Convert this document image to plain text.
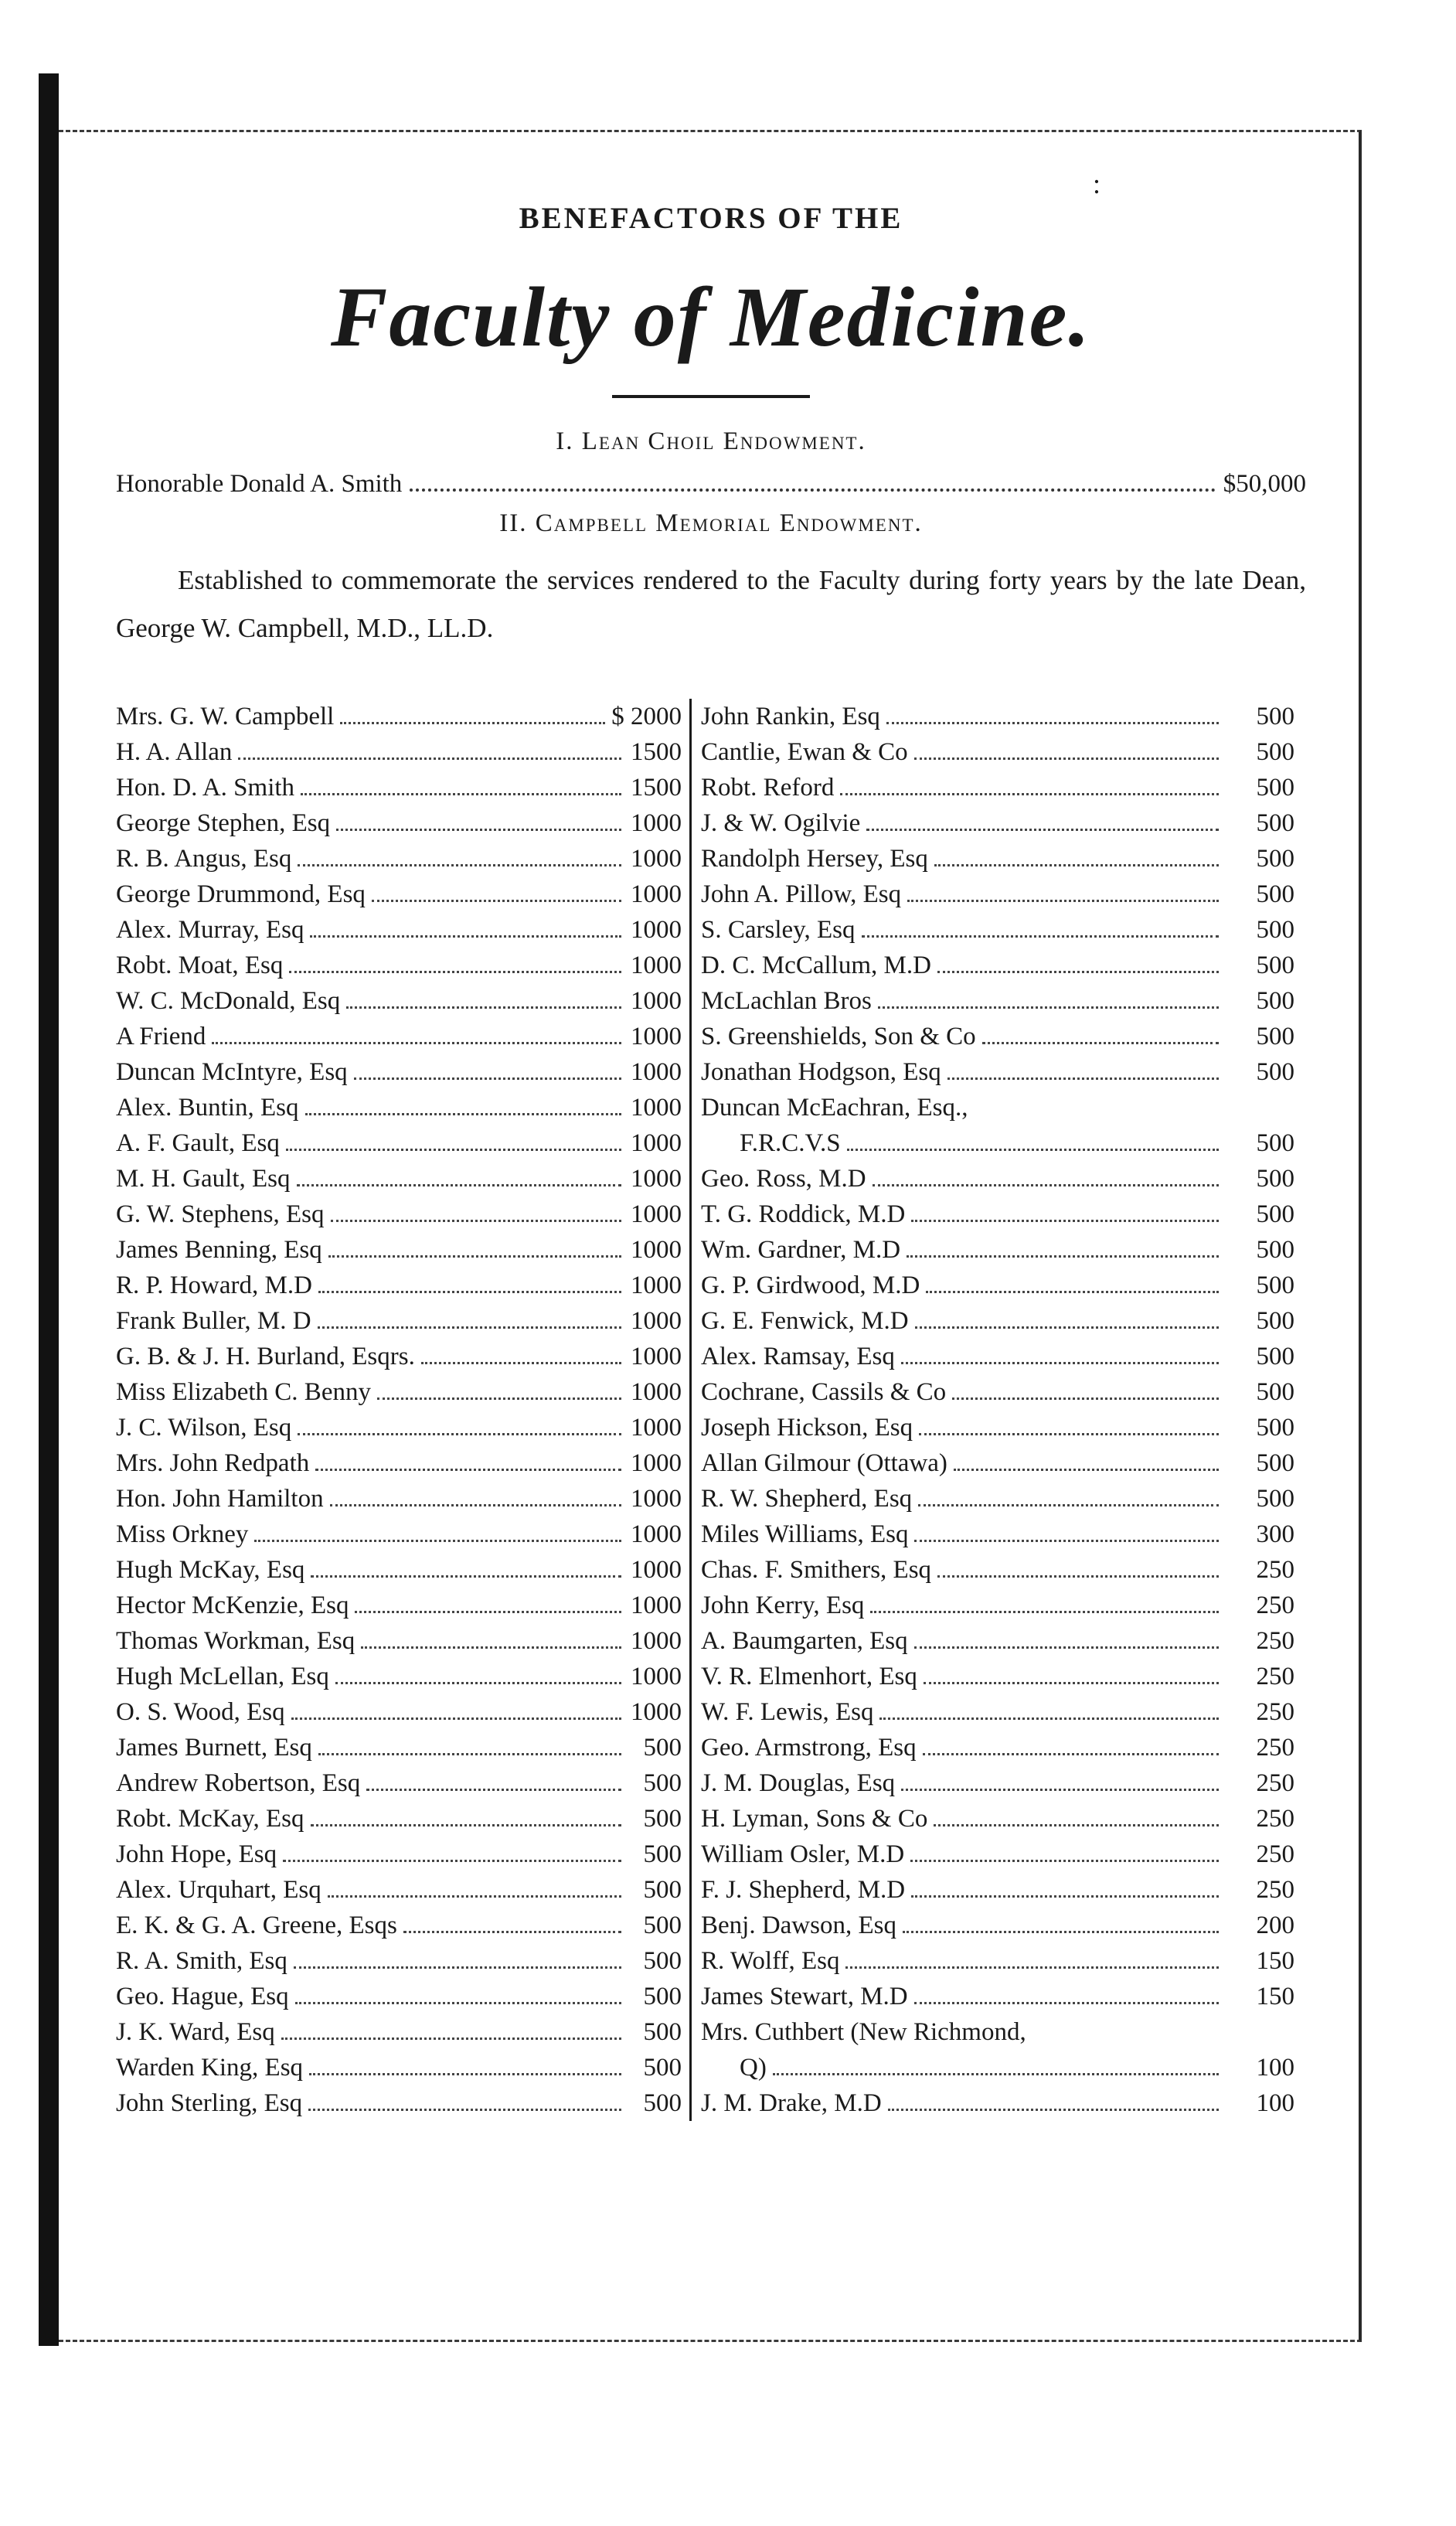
:
BENEFACTORS OF THE
Faculty of Medicine.
I. Lean Choil Endowment.
Honorable Donald A. Smith	$50,000
II. Campbell Memorial Endowment.
Established to commemorate the services rendered to the Faculty during forty years by the late Dean, George W. Campbell, M.D., LL.D.
Mrs. G. W. Campbell	$ 2000
H. A. Allan	1500
Hon. D. A. Smith	1500
George Stephen, Esq	1000
R. B. Angus, Esq	1000
George Drummond, Esq	1000
Alex. Murray, Esq	1000
Robt. Moat, Esq	1000
W. C. McDonald, Esq	1000
A Friend	1000
Duncan McIntyre, Esq	1000
Alex. Buntin, Esq	1000
A. F. Gault, Esq	1000
M. H. Gault, Esq	1000
G. W. Stephens, Esq	1000
James Benning, Esq	1000
R. P. Howard, M.D	1000
Frank Buller, M. D	1000
G. B. & J. H. Burland, Esqrs.	1000
Miss Elizabeth C. Benny	1000
J. C. Wilson, Esq	1000
Mrs. John Redpath	1000
Hon. John Hamilton	1000
Miss Orkney	1000
Hugh McKay, Esq	1000
Hector McKenzie, Esq	1000
Thomas Workman, Esq	1000
Hugh McLellan, Esq	1000
O. S. Wood, Esq	1000
James Burnett, Esq	500
Andrew Robertson, Esq	500
Robt. McKay, Esq	500
John Hope, Esq	500
Alex. Urquhart, Esq	500
E. K. & G. A. Greene, Esqs	500
R. A. Smith, Esq	500
Geo. Hague, Esq	500
J. K. Ward, Esq	500
Warden King, Esq	500
John Sterling, Esq	500
John Rankin, Esq	500
Cantlie, Ewan & Co	500
Robt. Reford	500
J. & W. Ogilvie	500
Randolph Hersey, Esq	500
John A. Pillow, Esq	500
S. Carsley, Esq	500
D. C. McCallum, M.D	500
McLachlan Bros	500
S. Greenshields, Son & Co	500
Jonathan Hodgson, Esq	500
Duncan McEachran, Esq.,
F.R.C.V.S	500
Geo. Ross, M.D	500
T. G. Roddick, M.D	500
Wm. Gardner, M.D	500
G. P. Girdwood, M.D	500
G. E. Fenwick, M.D	500
Alex. Ramsay, Esq	500
Cochrane, Cassils & Co	500
Joseph Hickson, Esq	500
Allan Gilmour (Ottawa)	500
R. W. Shepherd, Esq	500
Miles Williams, Esq	300
Chas. F. Smithers, Esq	250
John Kerry, Esq	250
A. Baumgarten, Esq	250
V. R. Elmenhort, Esq	250
W. F. Lewis, Esq	250
Geo. Armstrong, Esq	250
J. M. Douglas, Esq	250
H. Lyman, Sons & Co	250
William Osler, M.D	250
F. J. Shepherd, M.D	250
Benj. Dawson, Esq	200
R. Wolff, Esq	150
James Stewart, M.D	150
Mrs. Cuthbert (New Richmond,
Q)	100
J. M. Drake, M.D	100
